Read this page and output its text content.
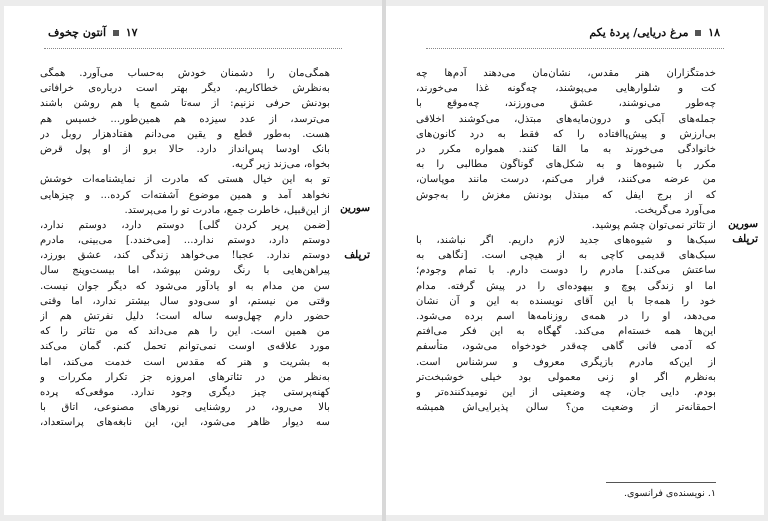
۱۷  آنتون چخوف
سورین
ترپلف
همگی‌مان را دشمنان خودش به‌حساب می‌آورد. همگی
به‌نظرش خطاکاریم. دیگر بهتر است درباره‌ی خرافاتی
بودنش حرفی نزنیم: از سه‌تا شمع یا هم روشن باشند
می‌ترسد، از عدد سیزده هم همین‌طور... خسیس هم
هست. به‌طور قطع و یقین می‌دانم هفتادهزار روبل در
بانک اودسا پس‌انداز دارد. حالا برو از او پول قرض
بخواه، می‌زند زیر گریه.
تو به این خیال هستی که مادرت از نمایشنامه‌ات خوشش
نخواهد آمد و همین موضوع آشفته‌ات کرده... و چیزهایی
از این‌قبیل، خاطرت جمع، مادرت تو را می‌پرستد.
[ضمن پرپر کردن گلی] دوستم دارد، دوستم ندارد،
دوستم دارد، دوستم ندارد... [می‌خندد.] می‌بینی، مادرم
دوستم ندارد. عجبا! می‌خواهد زندگی کند، عشق بورزد،
پیراهن‌هایی با رنگ روشن بپوشد، اما بیست‌وپنج سال
سن من مدام به او یادآور می‌شود که دیگر جوان نیست.
وقتی من نیستم، او سی‌ودو سال بیشتر ندارد، اما وقتی
حضور دارم چهل‌وسه ساله است؛ دلیل نفرتش هم از
من همین است. این را هم می‌داند که من تئاتر را که
مورد علاقه‌ی اوست نمی‌توانم تحمل کنم. گمان می‌کند
به بشریت و هنر که مقدس است خدمت می‌کند، اما
به‌نظر من در تئاترهای امروزه جز تکرار مکررات و
کهنه‌پرستی چیز دیگری وجود ندارد. موقعی‌که پرده
بالا می‌رود، در روشنایی نورهای مصنوعی، اتاق با
سه دیوار ظاهر می‌شود، این، این نابغه‌های پراستعداد،
۱۸  مرغ دریایی/ پردهٔ یکم
سورین
ترپلف
خدمتگزاران هنر مقدس، نشان‌مان می‌دهند آدم‌ها چه
کت و شلوارهایی می‌پوشند، چه‌گونه غذا می‌خورند،
چه‌طور می‌نوشند، عشق می‌ورزند، چه‌موقع با
جمله‌های آبکی و درون‌مایه‌های مبتذل، می‌کوشند اخلاقی
بی‌ارزش و پیش‌پاافتاده را که فقط به درد کانون‌های
خانوادگی می‌خورند به ما القا کنند. همواره مکرر در
مکرر با شیوه‌ها و به شکل‌های گوناگون مطالبی را به
من عرضه می‌کنند، فرار می‌کنم، درست مانند موپاسان،
که از برج ایفل که مبتذل بودنش مغزش را به‌جوش
می‌آورد می‌گریخت.
از تئاتر نمی‌توان چشم پوشید.
سبک‌ها و شیوه‌های جدید لازم داریم. اگر نباشند، با
سبک‌های قدیمی کاچی به از هیچی است. [نگاهی به
ساعتش می‌کند.] مادرم را دوست دارم. با تمام وجودم؛
اما او زندگی پوچ و بیهوده‌ای را در پیش گرفته. مدام
خود را همه‌جا با این آقای نویسنده به این و آن نشان
می‌دهد، او را در همه‌ی روزنامه‌ها اسم برده می‌شود.
این‌ها همه خسته‌ام می‌کند. گهگاه به این فکر می‌افتم
که آدمی فانی گاهی چه‌قدر خودخواه می‌شود، متأسفم
از این‌که مادرم بازیگری معروف و سرشناس است.
به‌نظرم اگر او زنی معمولی بود خیلی خوشبخت‌تر
بودم. دایی جان، چه وضعیتی از این نومیدکننده‌تر و
احمقانه‌تر از وضعیت من؟ سالن پذیرایی‌اش همیشه
۱. نویسنده‌ی فرانسوی.
